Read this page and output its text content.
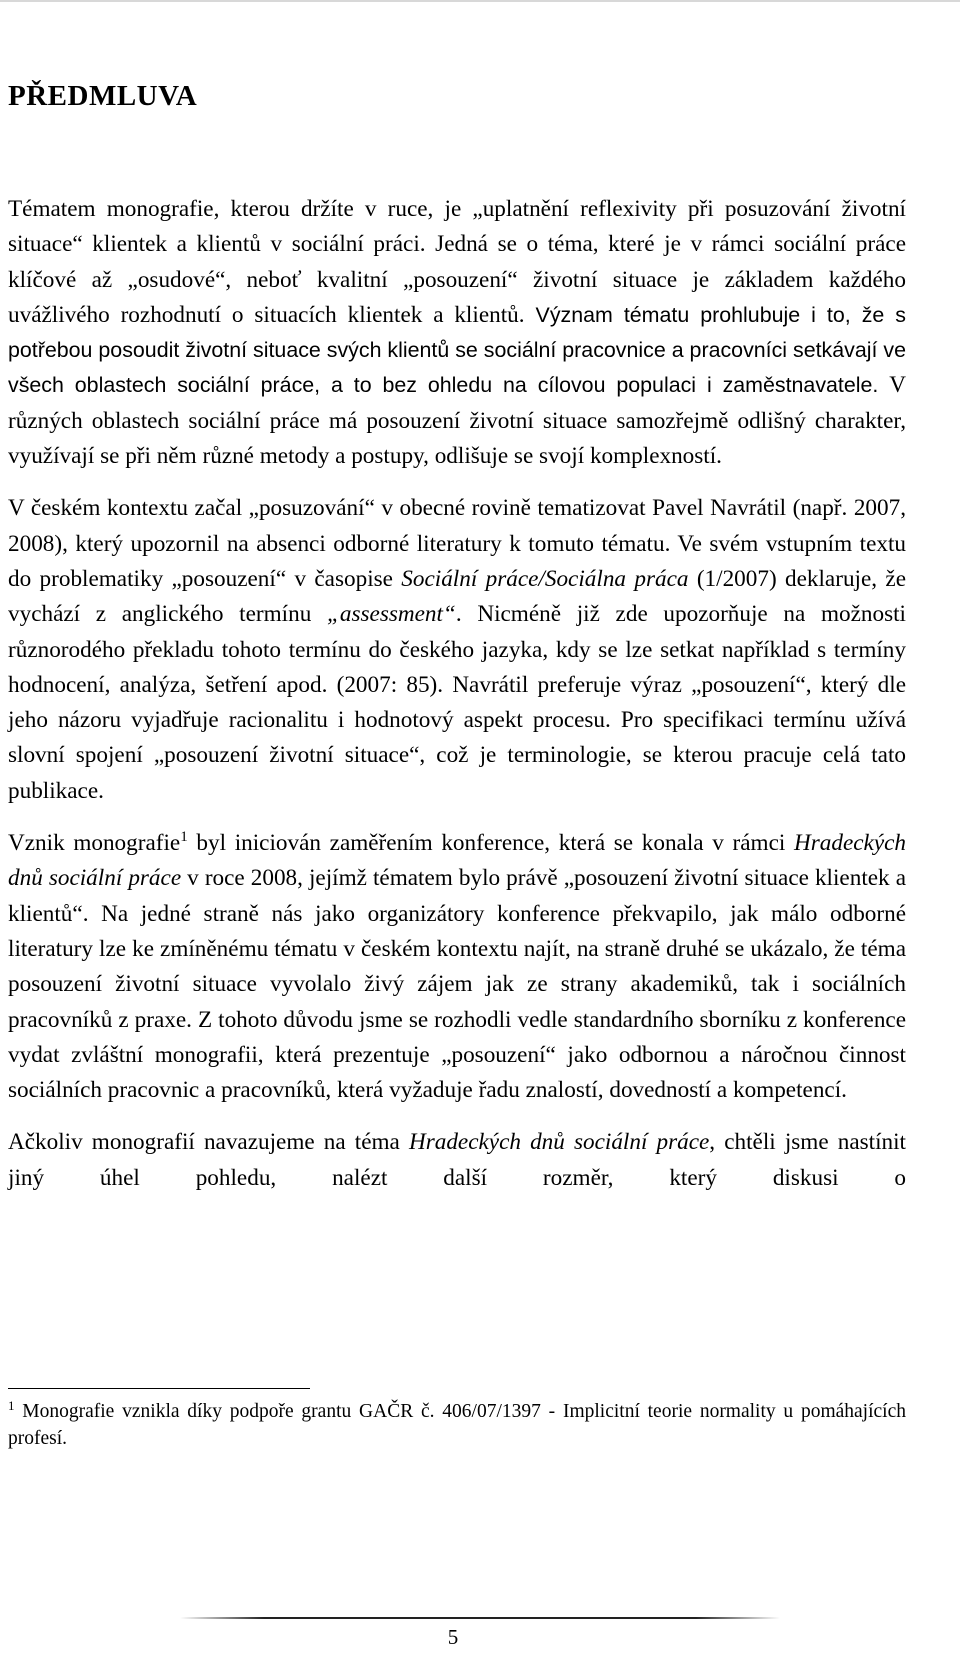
PŘEDMLUVA

Tématem monografie, kterou držíte v ruce, je „uplatnění reflexivity při posuzování životní situace“ klientek a klientů v sociální práci. Jedná se o téma, které je v rámci sociální práce klíčové až „osudové“, neboť kvalitní „posouzení“ životní situace je základem každého uvážlivého rozhodnutí o situacích klientek a klientů. Význam tématu prohlubuje i to, že s potřebou posoudit životní situace svých klientů se sociální pracovnice a pracovníci setkávají ve všech oblastech sociální práce, a to bez ohledu na cílovou populaci i zaměstnavatele. V různých oblastech sociální práce má posouzení životní situace samozřejmě odlišný charakter, využívají se při něm různé metody a postupy, odlišuje se svojí komplexností.

V českém kontextu začal „posuzování“ v obecné rovině tematizovat Pavel Navrátil (např. 2007, 2008), který upozornil na absenci odborné literatury k tomuto tématu. Ve svém vstupním textu do problematiky „posouzení“ v časopise Sociální práce/Sociálna práca (1/2007) deklaruje, že vychází z anglického termínu „assessment“. Nicméně již zde upozorňuje na možnosti různorodého překladu tohoto termínu do českého jazyka, kdy se lze setkat například s termíny hodnocení, analýza, šetření apod. (2007: 85). Navrátil preferuje výraz „posouzení“, který dle jeho názoru vyjadřuje racionalitu i hodnotový aspekt procesu. Pro specifikaci termínu užívá slovní spojení „posouzení životní situace“, což je terminologie, se kterou pracuje celá tato publikace.

Vznik monografie$^1$ byl iniciován zaměřením konference, která se konala v rámci Hradeckých dnů sociální práce v roce 2008, jejímž tématem bylo právě „posouzení životní situace klientek a klientů“. Na jedné straně nás jako organizátory konference překvapilo, jak málo odborné literatury lze ke zmíněnému tématu v českém kontextu najít, na straně druhé se ukázalo, že téma posouzení životní situace vyvolalo živý zájem jak ze strany akademiků, tak i sociálních pracovníků z praxe. Z tohoto důvodu jsme se rozhodli vedle standardního sborníku z konference vydat zvláštní monografii, která prezentuje „posouzení“ jako odbornou a náročnou činnost sociálních pracovnic a pracovníků, která vyžaduje řadu znalostí, dovedností a kompetencí.

Ačkoliv monografií navazujeme na téma Hradeckých dnů sociální práce, chtěli jsme nastínit jiný úhel pohledu, nalézt další rozměr, který diskusi o

$^1$ Monografie vznikla díky podpoře grantu GAČR č. 406/07/1397 - Implicitní teorie normality u pomáhajících profesí.
5
